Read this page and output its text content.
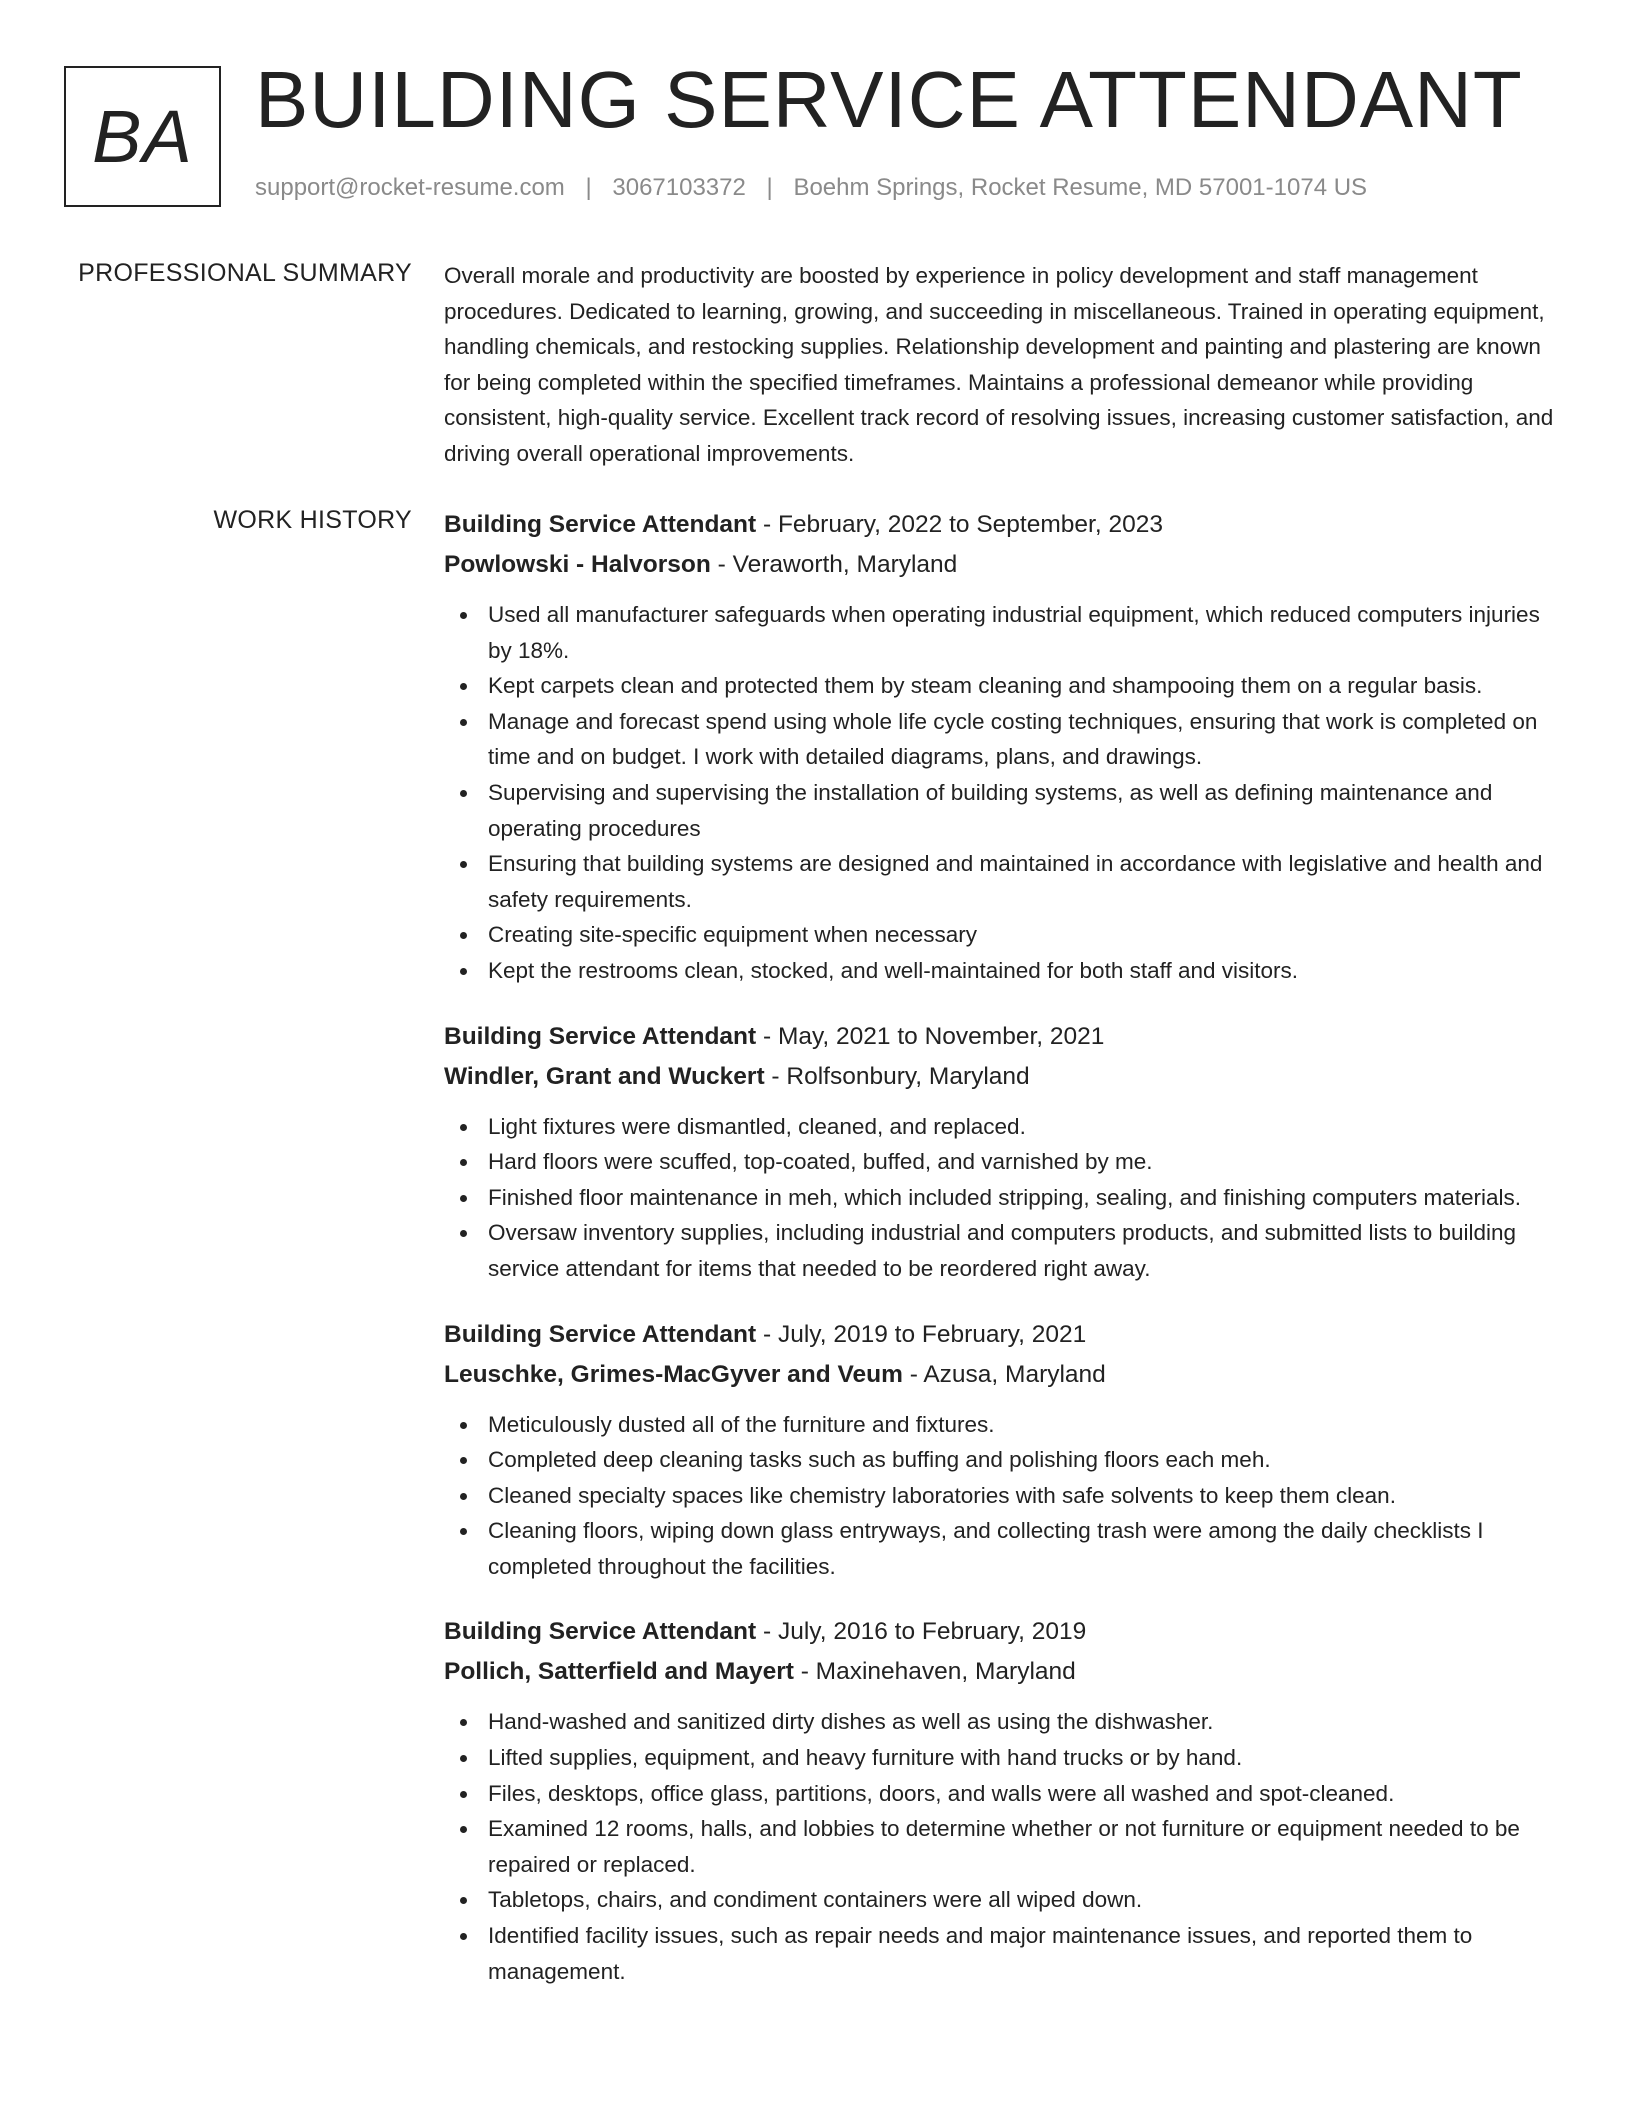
BA BUILDING SERVICE ATTENDANT
support@rocket-resume.com | 3067103372 | Boehm Springs, Rocket Resume, MD 57001-1074 US
PROFESSIONAL SUMMARY Overall morale and productivity are boosted by experience in policy development and staff management procedures. Dedicated to learning, growing, and succeeding in miscellaneous. Trained in operating equipment, handling chemicals, and restocking supplies. Relationship development and painting and plastering are known for being completed within the specified timeframes. Maintains a professional demeanor while providing consistent, high-quality service. Excellent track record of resolving issues, increasing customer satisfaction, and driving overall operational improvements.

WORK HISTORY Building Service Attendant - February, 2022 to September, 2023
Powlowski - Halvorson - Veraworth, Maryland
Used all manufacturer safeguards when operating industrial equipment, which reduced computers injuries by 18%.
Kept carpets clean and protected them by steam cleaning and shampooing them on a regular basis.
Manage and forecast spend using whole life cycle costing techniques, ensuring that work is completed on time and on budget. I work with detailed diagrams, plans, and drawings.
Supervising and supervising the installation of building systems, as well as defining maintenance and operating procedures
Ensuring that building systems are designed and maintained in accordance with legislative and health and safety requirements.
Creating site-specific equipment when necessary
Kept the restrooms clean, stocked, and well-maintained for both staff and visitors.
Building Service Attendant - May, 2021 to November, 2021
Windler, Grant and Wuckert - Rolfsonbury, Maryland
Light fixtures were dismantled, cleaned, and replaced.
Hard floors were scuffed, top-coated, buffed, and varnished by me.
Finished floor maintenance in meh, which included stripping, sealing, and finishing computers materials.
Oversaw inventory supplies, including industrial and computers products, and submitted lists to building service attendant for items that needed to be reordered right away.
Building Service Attendant - July, 2019 to February, 2021
Leuschke, Grimes-MacGyver and Veum - Azusa, Maryland
Meticulously dusted all of the furniture and fixtures.
Completed deep cleaning tasks such as buffing and polishing floors each meh.
Cleaned specialty spaces like chemistry laboratories with safe solvents to keep them clean.
Cleaning floors, wiping down glass entryways, and collecting trash were among the daily checklists I completed throughout the facilities.
Building Service Attendant - July, 2016 to February, 2019
Pollich, Satterfield and Mayert - Maxinehaven, Maryland
Hand-washed and sanitized dirty dishes as well as using the dishwasher.
Lifted supplies, equipment, and heavy furniture with hand trucks or by hand.
Files, desktops, office glass, partitions, doors, and walls were all washed and spot-cleaned.
Examined 12 rooms, halls, and lobbies to determine whether or not furniture or equipment needed to be repaired or replaced.
Tabletops, chairs, and condiment containers were all wiped down.
Identified facility issues, such as repair needs and major maintenance issues, and reported them to management.
